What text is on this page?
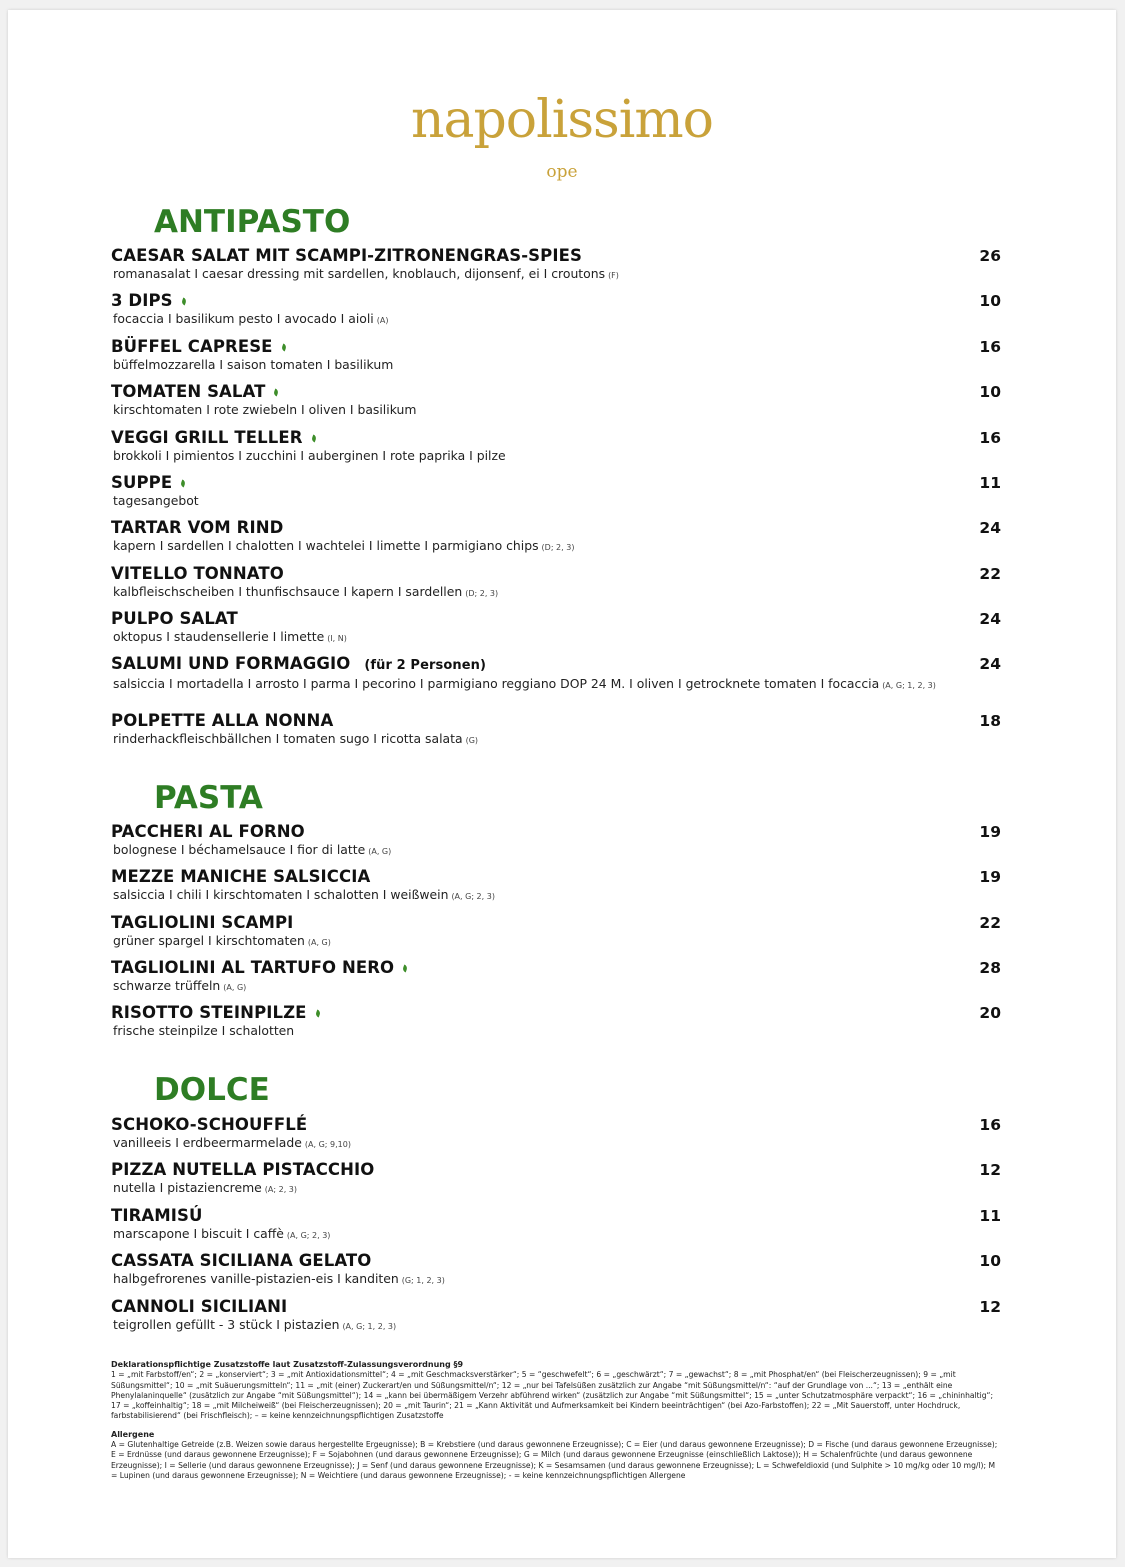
napolissimo
ope
ANTIPASTO
CAESAR SALAT MIT SCAMPI-ZITRONENGRAS-SPIES
romanasalat I caesar dressing mit sardellen, knoblauch, dijonsenf, ei I croutons (F)
26
3 DIPS
focaccia I basilikum pesto I avocado I aioli (A)
10
BÜFFEL CAPRESE
büffelmozzarella I saison tomaten I basilikum
16
TOMATEN SALAT
kirschtomaten I rote zwiebeln I oliven I basilikum
10
VEGGI GRILL TELLER
brokkoli I pimientos I zucchini I auberginen I rote paprika I pilze
16
SUPPE
tagesangebot
11
TARTAR VOM RIND
kapern I sardellen I chalotten I wachtelei I limette I parmigiano chips (D; 2, 3)
24
VITELLO TONNATO
kalbfleischscheiben I thunfischsauce I kapern I sardellen (D; 2, 3)
22
PULPO SALAT
oktopus I staudensellerie I limette (I, N)
24
SALUMI UND FORMAGGIO (für 2 Personen)
salsiccia I mortadella I arrosto I parma I pecorino I parmigiano reggiano DOP 24 M. I oliven I getrocknete tomaten I focaccia (A, G; 1, 2, 3)
24
POLPETTE ALLA NONNA
rinderhackfleischbällchen I tomaten sugo I ricotta salata (G)
18
PASTA
PACCHERI AL FORNO
bolognese I béchamelsauce I fior di latte (A, G)
19
MEZZE MANICHE SALSICCIA
salsiccia I chili I kirschtomaten I schalotten I weißwein (A, G; 2, 3)
19
TAGLIOLINI SCAMPI
grüner spargel I kirschtomaten (A, G)
22
TAGLIOLINI AL TARTUFO NERO
schwarze trüffeln (A, G)
28
RISOTTO STEINPILZE
frische steinpilze I schalotten
20
DOLCE
SCHOKO-SCHOUFFLÉ
vanilleeis I erdbeermarmelade (A, G; 9,10)
16
PIZZA NUTELLA PISTACCHIO
nutella I pistaziencreme (A; 2, 3)
12
TIRAMISÚ
marscapone I biscuit I caffè (A, G; 2, 3)
11
CASSATA SICILIANA GELATO
halbgefrorenes vanille-pistazien-eis I kanditen (G; 1, 2, 3)
10
CANNOLI SICILIANI
teigrollen gefüllt - 3 stück I pistazien (A, G; 1, 2, 3)
12
Deklarationspflichtige Zusatzstoffe laut Zusatzstoff-Zulassungsverordnung §9
1 = „mit Farbstoff/en“; 2 = „konserviert“; 3 = „mit Antioxidationsmittel“; 4 = „mit Geschmacksverstärker“; 5 = “geschwefelt“; 6 = „geschwärzt“; 7 = „gewachst“; 8 = „mit Phosphat/en“ (bei Fleischerzeugnissen); 9 = „mit Süßungsmittel“; 10 = „mit Suäuerungsmitteln“; 11 = „mit (einer) Zuckerart/en und Süßungsmittel/n“; 12 = „nur bei Tafelsüßen zusätzlich zur Angabe “mit Süßungsmittel/n“: “auf der Grundlage von ...“; 13 = „enthält eine Phenylalaninquelle“ (zusätzlich zur Angabe “mit Süßungsmittel“); 14 = „kann bei übermäßigem Verzehr abführend wirken“ (zusätzlich zur Angabe “mit Süßungsmittel“; 15 = „unter Schutzatmosphäre verpackt“; 16 = „chininhaltig“; 17 = „koffeinhaltig“; 18 = „mit Milcheiweiß“ (bei Fleischerzeugnissen); 20 = „mit Taurin“; 21 = „Kann Aktivität und Aufmerksamkeit bei Kindern beeinträchtigen“ (bei Azo-Farbstoffen); 22 = „Mit Sauerstoff, unter Hochdruck, farbstabilisierend“ (bei Frischfleisch); – = keine kennzeichnungspflichtigen Zusatzstoffe
Allergene
A = Glutenhaltige Getreide (z.B. Weizen sowie daraus hergestellte Ergeugnisse); B = Krebstiere (und daraus gewonnene Erzeugnisse); C = Eier (und daraus gewonnene Erzeugnisse); D = Fische (und daraus gewonnene Erzeugnisse); E = Erdnüsse (und daraus gewonnene Erzeugnisse); F = Sojabohnen (und daraus gewonnene Erzeugnisse); G = Milch (und daraus gewonnene Erzeugnisse (einschließlich Laktose)); H = Schalenfrüchte (und daraus gewonnene Erzeugnisse); I = Sellerie (und daraus gewonnene Erzeugnisse); J = Senf (und daraus gewonnene Erzeugnisse); K = Sesamsamen (und daraus gewonnene Erzeugnisse); L = Schwefeldioxid (und Sulphite > 10 mg/kg oder 10 mg/l); M = Lupinen (und daraus gewonnene Erzeugnisse); N = Weichtiere (und daraus gewonnene Erzeugnisse); - = keine kennzeichnungspflichtigen Allergene
